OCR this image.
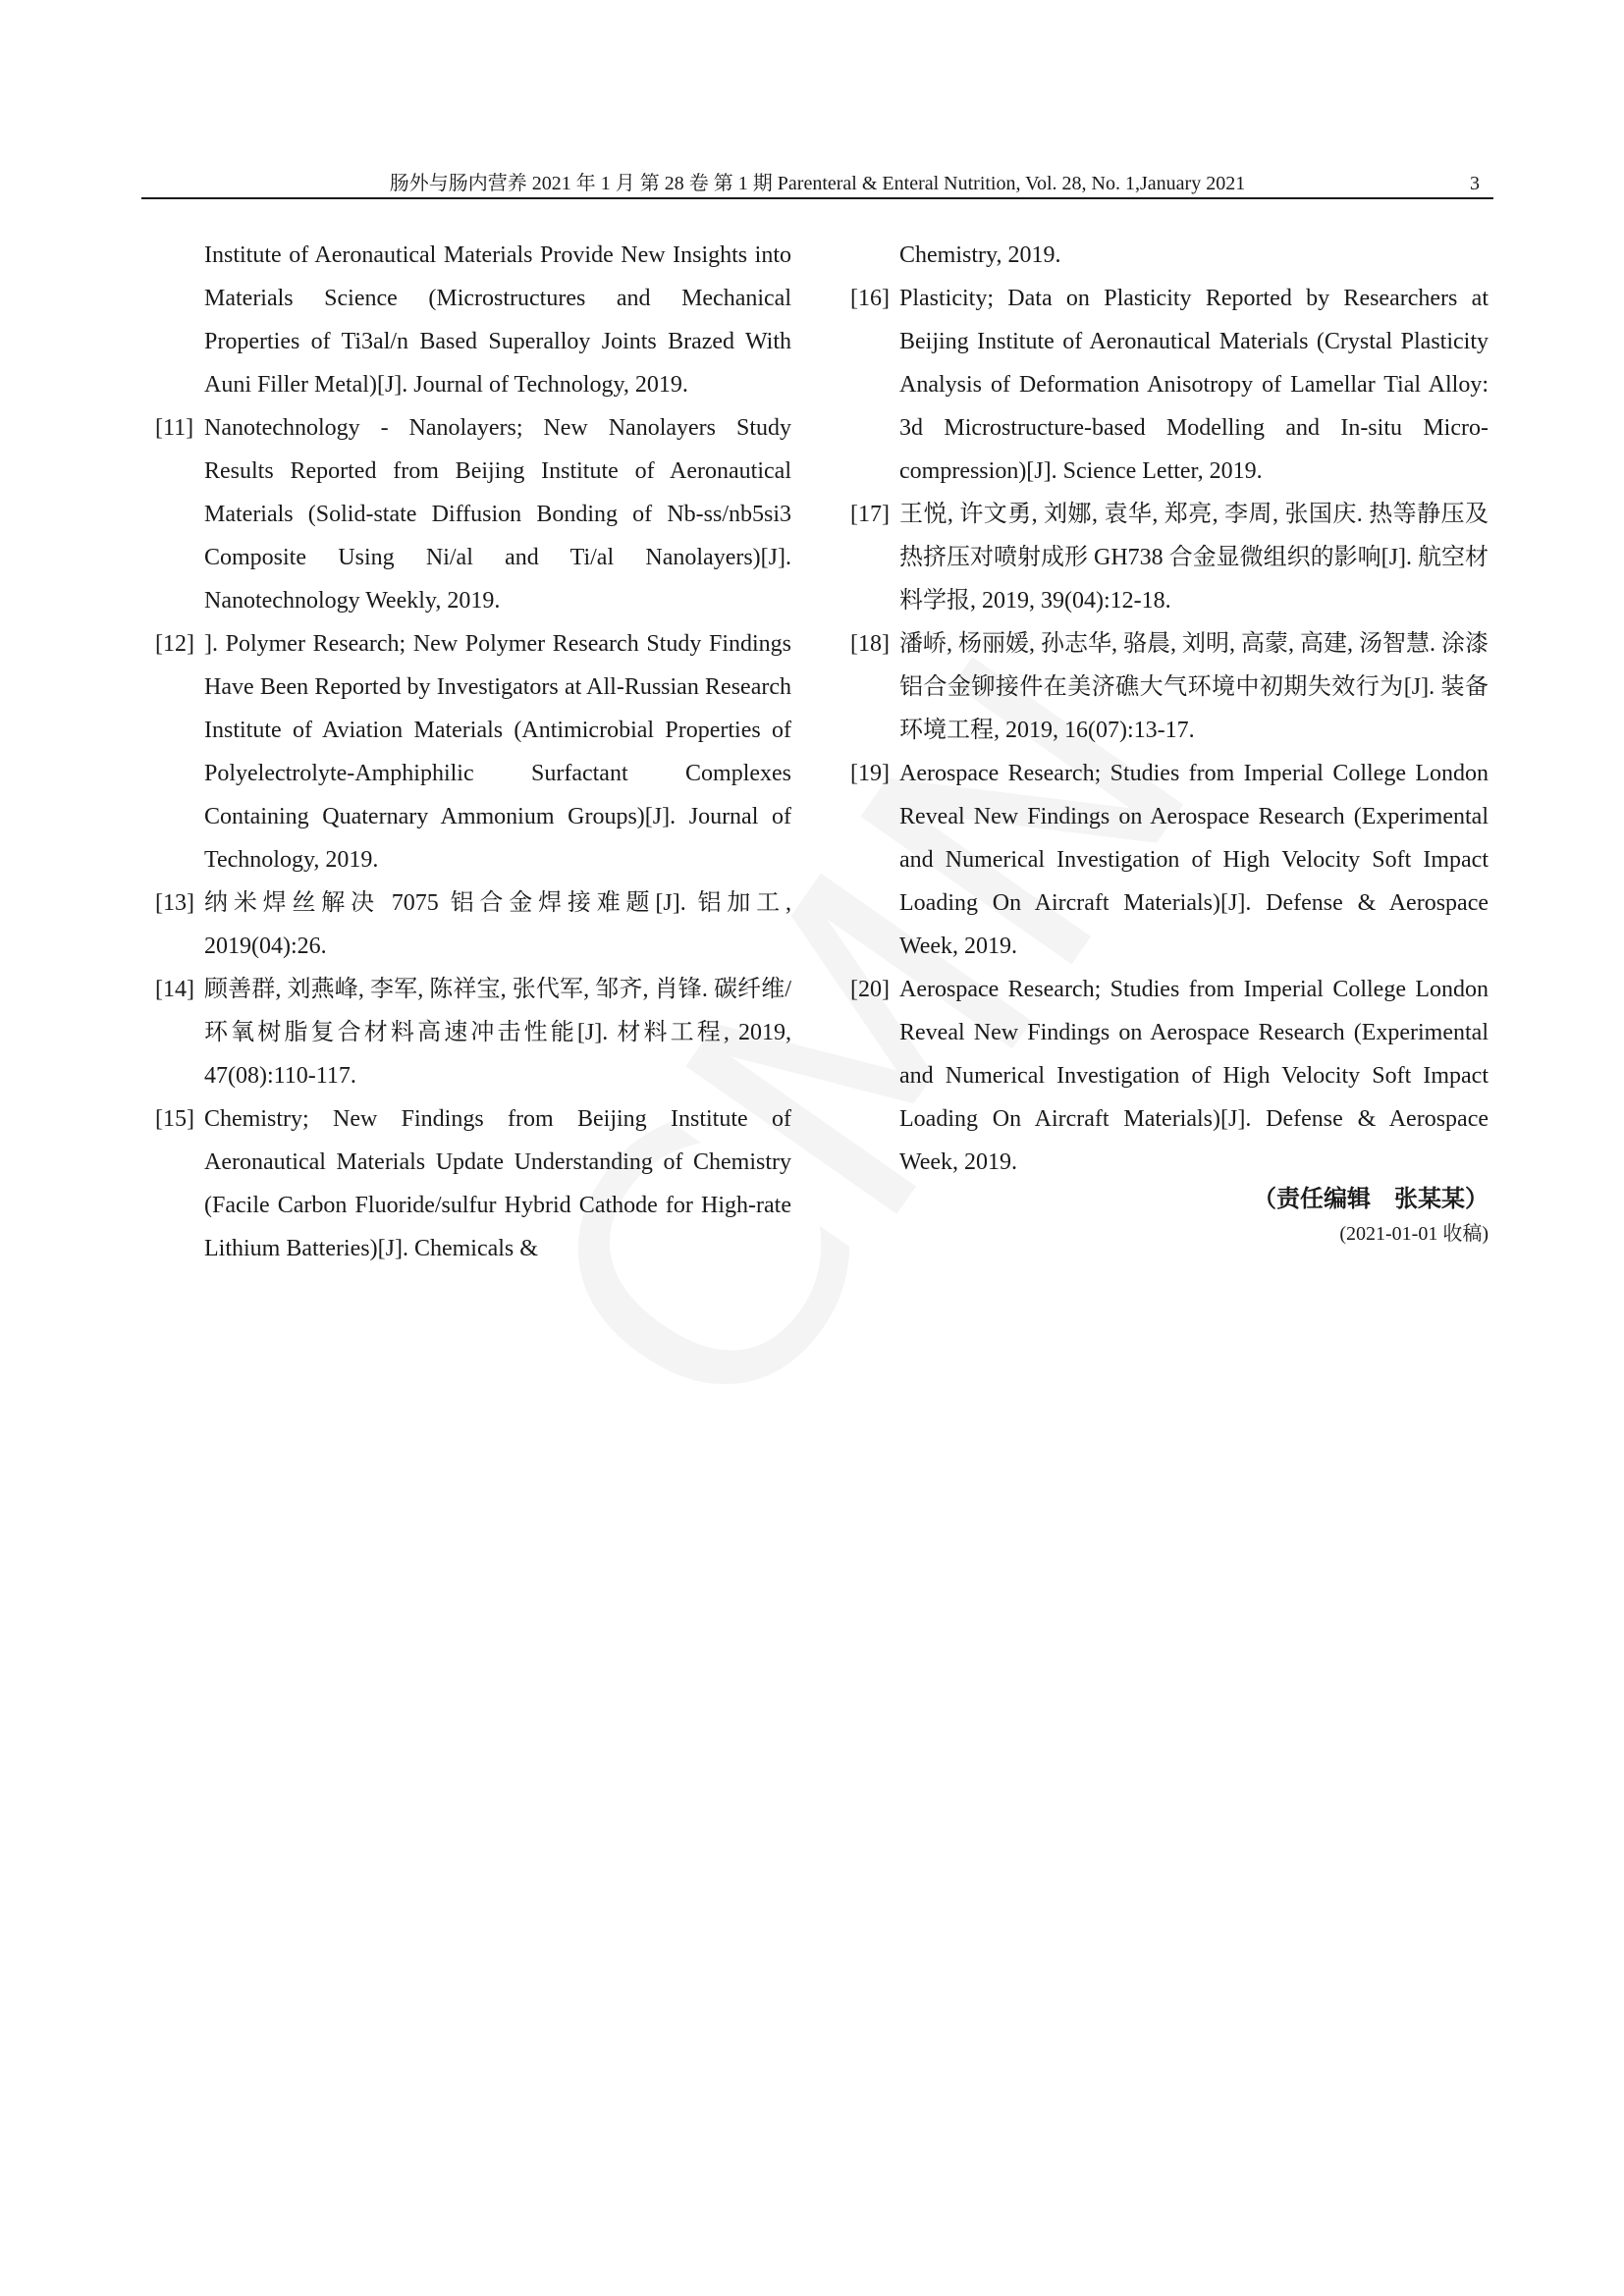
肠外与肠内营养 2021 年 1 月 第 28 卷 第 1 期 Parenteral & Enteral Nutrition, Vol. 28, No. 1,January 2021	3
Institute of Aeronautical Materials Provide New Insights into Materials Science (Microstructures and Mechanical Properties of Ti3al/n Based Superalloy Joints Brazed With Auni Filler Metal)[J]. Journal of Technology, 2019.
[11] Nanotechnology - Nanolayers; New Nanolayers Study Results Reported from Beijing Institute of Aeronautical Materials (Solid-state Diffusion Bonding of Nb-ss/nb5si3 Composite Using Ni/al and Ti/al Nanolayers)[J]. Nanotechnology Weekly, 2019.
[12] ]. Polymer Research; New Polymer Research Study Findings Have Been Reported by Investigators at All-Russian Research Institute of Aviation Materials (Antimicrobial Properties of Polyelectrolyte-Amphiphilic Surfactant Complexes Containing Quaternary Ammonium Groups)[J]. Journal of Technology, 2019.
[13] 纳米焊丝解决 7075 铝合金焊接难题[J]. 铝加工, 2019(04):26.
[14] 顾善群, 刘燕峰, 李军, 陈祥宝, 张代军, 邹齐, 肖锋. 碳纤维/环氧树脂复合材料高速冲击性能[J]. 材料工程, 2019, 47(08):110-117.
[15] Chemistry; New Findings from Beijing Institute of Aeronautical Materials Update Understanding of Chemistry (Facile Carbon Fluoride/sulfur Hybrid Cathode for High-rate Lithium Batteries)[J]. Chemicals &
Chemistry, 2019.
[16] Plasticity; Data on Plasticity Reported by Researchers at Beijing Institute of Aeronautical Materials (Crystal Plasticity Analysis of Deformation Anisotropy of Lamellar Tial Alloy: 3d Microstructure-based Modelling and In-situ Micro-compression)[J]. Science Letter, 2019.
[17] 王悦, 许文勇, 刘娜, 袁华, 郑亮, 李周, 张国庆. 热等静压及热挤压对喷射成形 GH738 合金显微组织的影响[J]. 航空材料学报, 2019, 39(04):12-18.
[18] 潘峤, 杨丽媛, 孙志华, 骆晨, 刘明, 高蒙, 高建, 汤智慧. 涂漆铝合金铆接件在美济礁大气环境中初期失效行为[J]. 装备环境工程, 2019, 16(07):13-17.
[19] Aerospace Research; Studies from Imperial College London Reveal New Findings on Aerospace Research (Experimental and Numerical Investigation of High Velocity Soft Impact Loading On Aircraft Materials)[J]. Defense & Aerospace Week, 2019.
[20] Aerospace Research; Studies from Imperial College London Reveal New Findings on Aerospace Research (Experimental and Numerical Investigation of High Velocity Soft Impact Loading On Aircraft Materials)[J]. Defense & Aerospace Week, 2019.
（责任编辑　张某某）
(2021-01-01 收稿)
